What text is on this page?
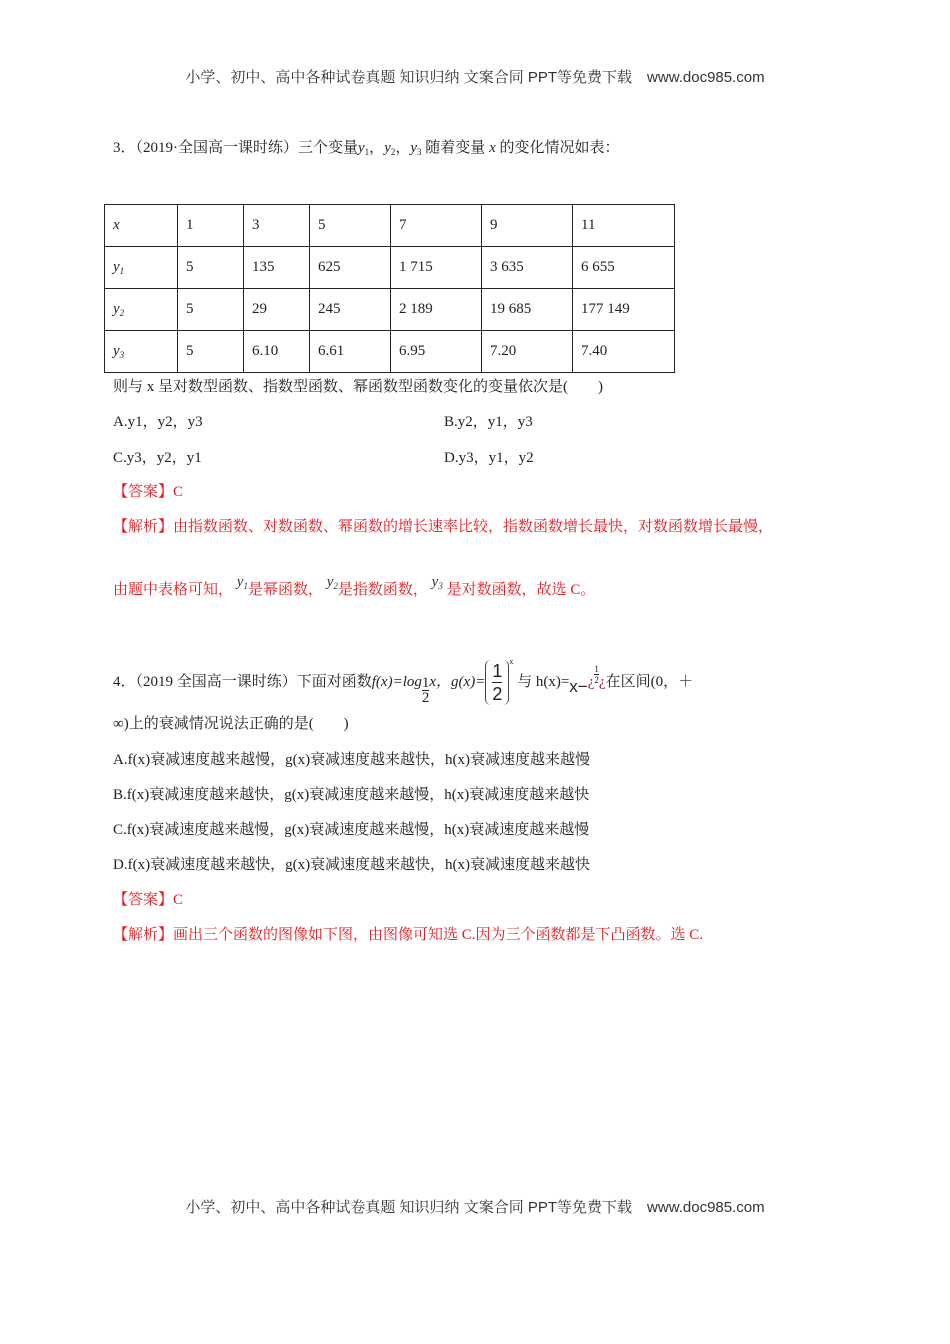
小学、初中、高中各种试卷真题 知识归纳 文案合同 PPT等免费下载　www.doc985.com
3．（2019·全国高一课时练）三个变量$y_1$，$y_2$，$y_3$ 随着变量 x 的变化情况如表：
x	1	3	5	7	9	11
$y_1$	5	135	625	1 715	3 635	6 655
$y_2$	5	29	245	2 189	19 685	177 149
$y_3$	5	6.10	6.61	6.95	7.20	7.40
则与 x 呈对数型函数、指数型函数、幂函数型函数变化的变量依次是(　　)
A.y1，y2，y3	B.y2，y1，y3
C.y3，y2，y1	D.y3，y1，y2
【答案】C
【解析】由指数函数、对数函数、幂函数的增长速率比较，指数函数增长最快，对数函数增长最慢，
由题中表格可知， $y_1$是幂函数， $y_2$是指数函数， $y_3$ 是对数函数，故选 C。
4．（2019 全国高一课时练）下面对函数$f(x)=\log \frac{1}{2}$ x，$g(x)= \frac{1}{2}^x$ 与 h(x)=x−¿ $\frac{1}{2}$ ¿在区间(0，＋
∞)上的衰减情况说法正确的是(　　)
A.f(x)衰减速度越来越慢，g(x)衰减速度越来越快，h(x)衰减速度越来越慢
B.f(x)衰减速度越来越快，g(x)衰减速度越来越慢，h(x)衰减速度越来越快
C.f(x)衰减速度越来越慢，g(x)衰减速度越来越慢，h(x)衰减速度越来越慢
D.f(x)衰减速度越来越快，g(x)衰减速度越来越快，h(x)衰减速度越来越快
【答案】C
【解析】画出三个函数的图像如下图，由图像可知选 C.因为三个函数都是下凸函数。选 C.
小学、初中、高中各种试卷真题 知识归纳 文案合同 PPT等免费下载　www.doc985.com
